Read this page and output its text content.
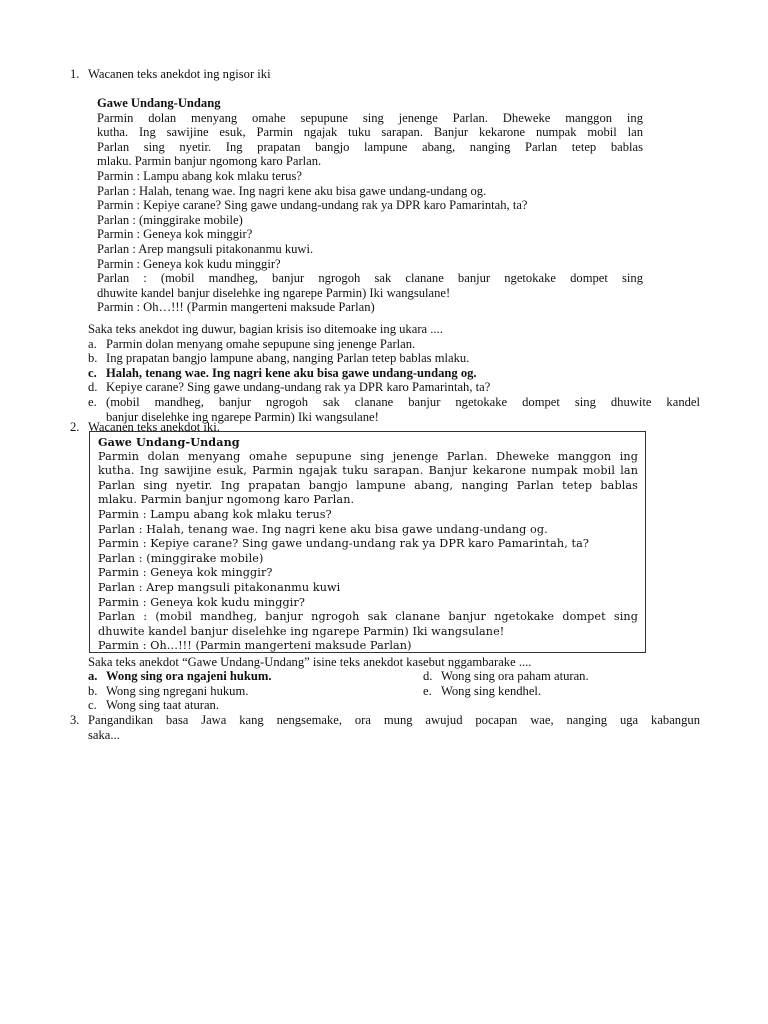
1. Wacanen teks anekdot ing ngisor iki
Gawe Undang-Undang
Parmin dolan menyang omahe sepupune sing jenenge Parlan. Dheweke manggon ing
kutha. Ing sawijine esuk, Parmin ngajak tuku sarapan. Banjur kekarone numpak mobil lan
Parlan sing nyetir. Ing prapatan bangjo lampune abang, nanging Parlan tetep bablas
mlaku. Parmin banjur ngomong karo Parlan.
Parmin : Lampu abang kok mlaku terus?
Parlan : Halah, tenang wae. Ing nagri kene aku bisa gawe undang-undang og.
Parmin : Kepiye carane? Sing gawe undang-undang rak ya DPR karo Pamarintah, ta?
Parlan : (minggirake mobile)
Parmin : Geneya kok minggir?
Parlan : Arep mangsuli pitakonanmu kuwi.
Parmin : Geneya kok kudu minggir?
Parlan : (mobil mandheg, banjur ngrogoh sak clanane banjur ngetokake dompet sing
dhuwite kandel banjur diselehke ing ngarepe Parmin) Iki wangsulane!
Parmin : Oh…!!! (Parmin mangerteni maksude Parlan)
Saka teks anekdot ing duwur, bagian krisis iso ditemoake ing ukara ....
a. Parmin dolan menyang omahe sepupune sing jenenge Parlan.
b. Ing prapatan bangjo lampune abang, nanging Parlan tetep bablas mlaku.
c. Halah, tenang wae. Ing nagri kene aku bisa gawe undang-undang og.
d. Kepiye carane? Sing gawe undang-undang rak ya DPR karo Pamarintah, ta?
e. (mobil mandheg, banjur ngrogoh sak clanane banjur ngetokake dompet sing dhuwite kandel
banjur diselehke ing ngarepe Parmin) Iki wangsulane!
2. Wacanen teks anekdot iki.
Gawe Undang-Undang
Parmin dolan menyang omahe sepupune sing jenenge Parlan. Dheweke manggon ing
kutha. Ing sawijine esuk, Parmin ngajak tuku sarapan. Banjur kekarone numpak mobil lan
Parlan sing nyetir. Ing prapatan bangjo lampune abang, nanging Parlan tetep bablas
mlaku. Parmin banjur ngomong karo Parlan.
Parmin : Lampu abang kok mlaku terus?
Parlan : Halah, tenang wae. Ing nagri kene aku bisa gawe undang-undang og.
Parmin : Kepiye carane? Sing gawe undang-undang rak ya DPR karo Pamarintah, ta?
Parlan : (minggirake mobile)
Parmin : Geneya kok minggir?
Parlan : Arep mangsuli pitakonanmu kuwi
Parmin : Geneya kok kudu minggir?
Parlan : (mobil mandheg, banjur ngrogoh sak clanane banjur ngetokake dompet sing
dhuwite kandel banjur diselehke ing ngarepe Parmin) Iki wangsulane!
Parmin : Oh…!!! (Parmin mangerteni maksude Parlan)
Saka teks anekdot “Gawe Undang-Undang” isine teks anekdot kasebut nggambarake ....
a. Wong sing ora ngajeni hukum.	d. Wong sing ora paham aturan.
b. Wong sing ngregani hukum.	e. Wong sing kendhel.
c. Wong sing taat aturan.
3. Pangandikan basa Jawa kang nengsemake, ora mung awujud pocapan wae, nanging uga kabangun
saka...
